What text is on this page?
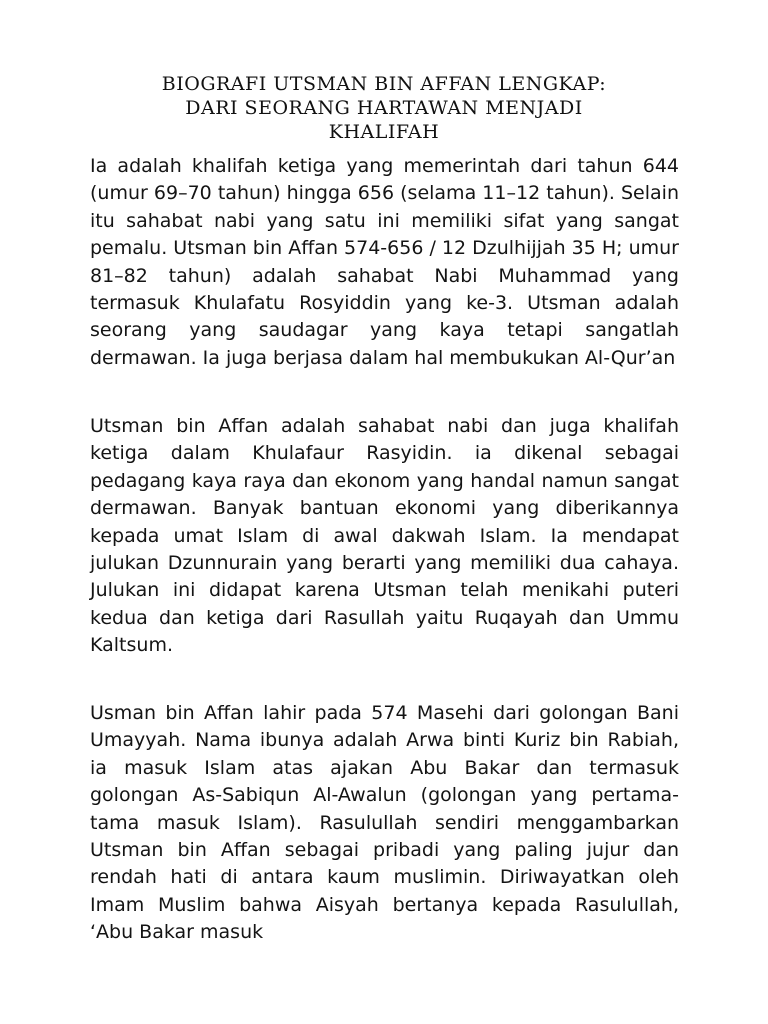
BIOGRAFI UTSMAN BIN AFFAN LENGKAP:
DARI SEORANG HARTAWAN MENJADI
KHALIFAH

Ia adalah khalifah ketiga yang memerintah dari tahun 644 (umur 69–70 tahun) hingga 656 (selama 11–12 tahun). Selain itu sahabat nabi yang satu ini memiliki sifat yang sangat pemalu. Utsman bin Affan 574-656 / 12 Dzulhijjah 35 H; umur 81–82 tahun) adalah sahabat Nabi Muhammad yang termasuk Khulafatu Rosyiddin yang ke-3. Utsman adalah seorang yang saudagar yang kaya tetapi sangatlah dermawan. Ia juga berjasa dalam hal membukukan Al-Qur’an

Utsman bin Affan adalah sahabat nabi dan juga khalifah ketiga dalam Khulafaur Rasyidin. ia dikenal sebagai pedagang kaya raya dan ekonom yang handal namun sangat dermawan. Banyak bantuan ekonomi yang diberikannya kepada umat Islam di awal dakwah Islam. Ia mendapat julukan Dzunnurain yang berarti yang memiliki dua cahaya. Julukan ini didapat karena Utsman telah menikahi puteri kedua dan ketiga dari Rasullah yaitu Ruqayah dan Ummu Kaltsum.

Usman bin Affan lahir pada 574 Masehi dari golongan Bani Umayyah. Nama ibunya adalah Arwa binti Kuriz bin Rabiah, ia masuk Islam atas ajakan Abu Bakar dan termasuk golongan As-Sabiqun Al-Awalun (golongan yang pertama-tama masuk Islam). Rasulullah sendiri menggambarkan Utsman bin Affan sebagai pribadi yang paling jujur dan rendah hati di antara kaum muslimin. Diriwayatkan oleh Imam Muslim bahwa Aisyah bertanya kepada Rasulullah, ‘Abu Bakar masuk
